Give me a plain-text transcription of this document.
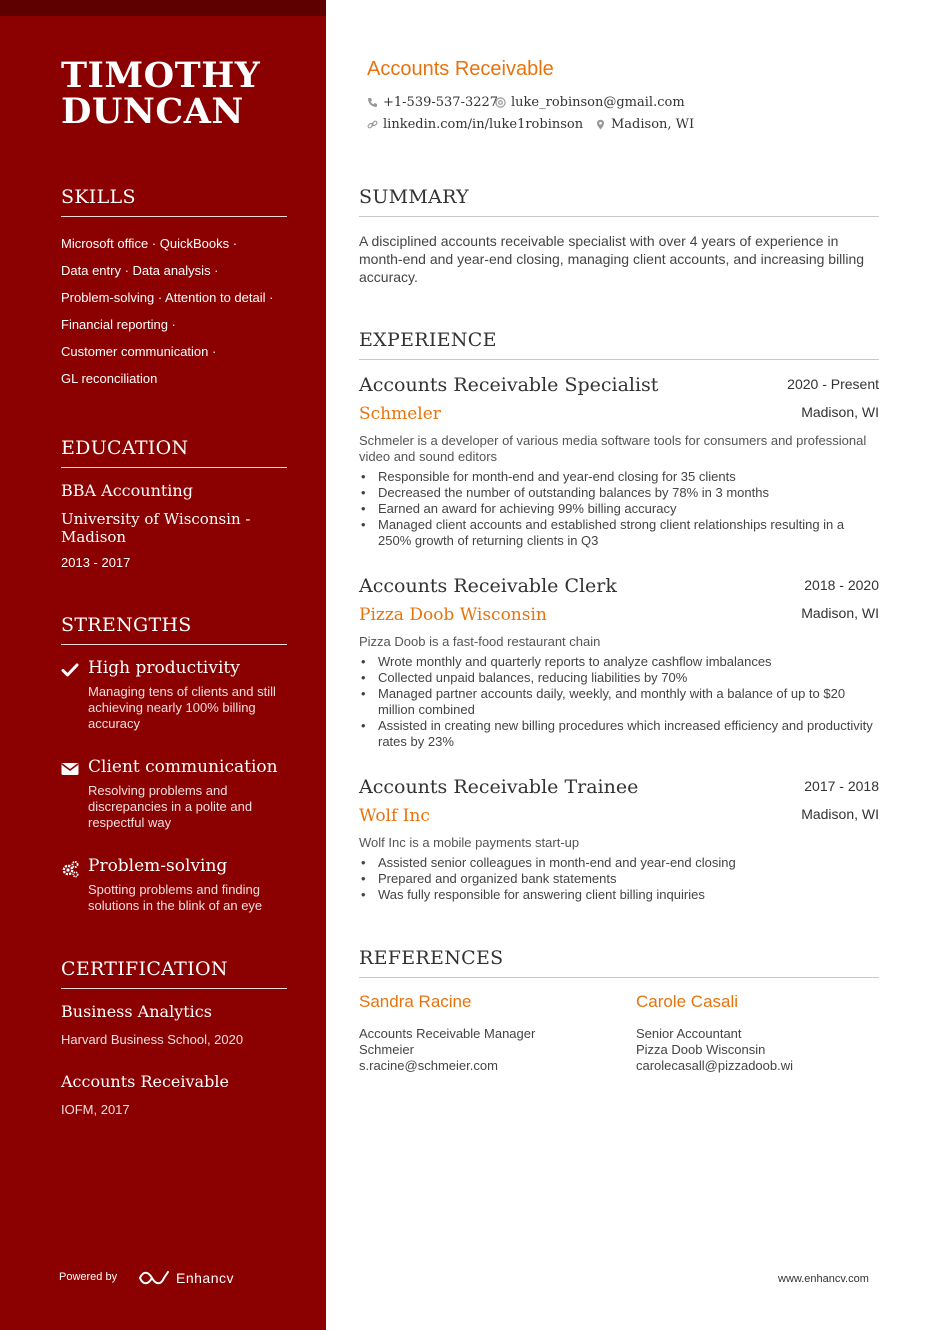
TIMOTHY
DUNCAN
SKILLS
Microsoft office · QuickBooks ·
Data entry · Data analysis ·
Problem-solving · Attention to detail ·
Financial reporting ·
Customer communication ·
GL reconciliation
EDUCATION
BBA Accounting
University of Wisconsin - Madison
2013 - 2017
STRENGTHS
High productivity
Managing tens of clients and still achieving nearly 100% billing accuracy
Client communication
Resolving problems and discrepancies in a polite and respectful way
Problem-solving
Spotting problems and finding solutions in the blink of an eye
CERTIFICATION
Business Analytics
Harvard Business School, 2020
Accounts Receivable
IOFM, 2017
Powered by	Enhancv
Accounts Receivable
+1-539-537-3227 luke_robinson@gmail.com
linkedin.com/in/luke1robinson Madison, WI
SUMMARY
A disciplined accounts receivable specialist with over 4 years of experience in month-end and year-end closing, managing client accounts, and increasing billing accuracy.
EXPERIENCE
Accounts Receivable Specialist	2020 - Present
Schmeler	Madison, WI
Schmeler is a developer of various media software tools for consumers and professional video and sound editors
• Responsible for month-end and year-end closing for 35 clients
• Decreased the number of outstanding balances by 78% in 3 months
• Earned an award for achieving 99% billing accuracy
• Managed client accounts and established strong client relationships resulting in a 250% growth of returning clients in Q3
Accounts Receivable Clerk	2018 - 2020
Pizza Doob Wisconsin	Madison, WI
Pizza Doob is a fast-food restaurant chain
• Wrote monthly and quarterly reports to analyze cashflow imbalances
• Collected unpaid balances, reducing liabilities by 70%
• Managed partner accounts daily, weekly, and monthly with a balance of up to $20 million combined
• Assisted in creating new billing procedures which increased efficiency and productivity rates by 23%
Accounts Receivable Trainee	2017 - 2018
Wolf Inc	Madison, WI
Wolf Inc is a mobile payments start-up
• Assisted senior colleagues in month-end and year-end closing
• Prepared and organized bank statements
• Was fully responsible for answering client billing inquiries
REFERENCES
Sandra Racine
Accounts Receivable Manager
Schmeier
s.racine@schmeier.com
Carole Casali
Senior Accountant
Pizza Doob Wisconsin
carolecasall@pizzadoob.wi
www.enhancv.com
